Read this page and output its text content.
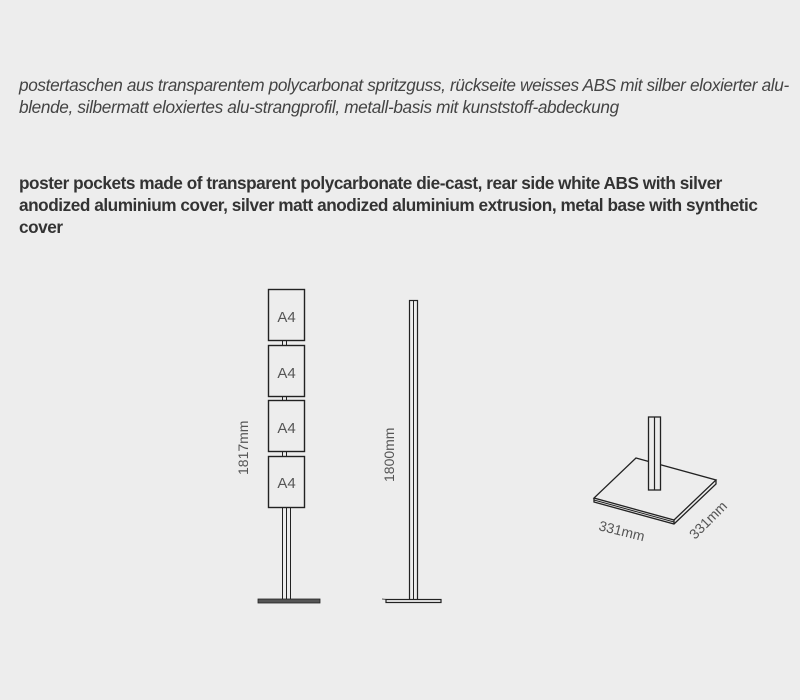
postertaschen aus transparentem polycarbonat spritzguss, rückseite weisses ABS mit silber eloxierter alu-blende, silbermatt eloxiertes alu-strangprofil, metall-basis mit kunststoff-abdeckung
poster pockets made of transparent polycarbonate die-cast, rear side white ABS with silver anodized aluminium cover, silver matt anodized aluminium extrusion, metal base with synthetic cover
A4
A4
A4
A4
1817mm	1800mm
331mm	331mm
